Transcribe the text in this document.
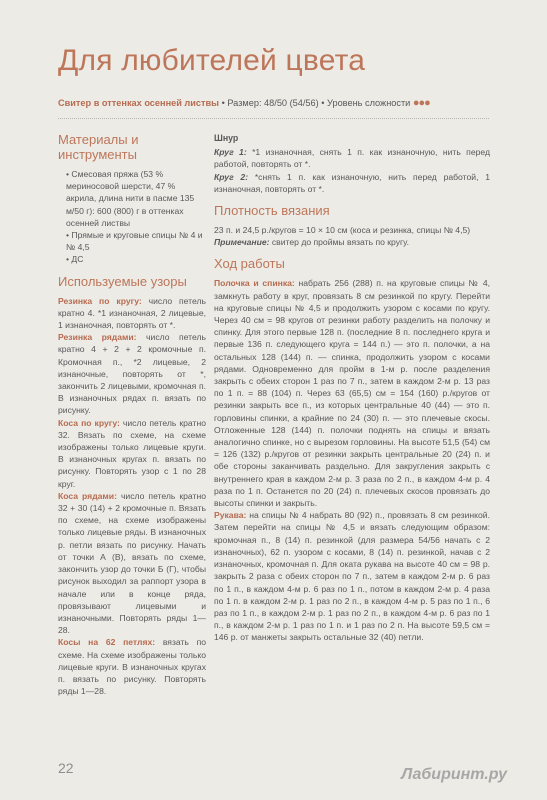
Для любителей цвета
Свитер в оттенках осенней листвы • Размер: 48/50 (54/56) • Уровень сложности ●●●
Материалы и инструменты
• Смесовая пряжа (53 % мериносовой шерсти, 47 % акрила, длина нити в пасме 135 м/50 г): 600 (800) г в оттенках осенней листвы
• Прямые и круговые спицы № 4 и № 4,5
• ДС
Используемые узоры
Резинка по кругу: число петель кратно 4. *1 изнаночная, 2 лицевые, 1 изнаночная, повторять от *.
Резинка рядами: число петель кратно 4 + 2 + 2 кромочные п. Кромочная п., *2 лицевые, 2 изнаночные, повторять от *, закончить 2 лицевыми, кромочная п. В изнаночных рядах п. вязать по рисунку.
Коса по кругу: число петель кратно 32. Вязать по схеме, на схеме изображены только лицевые круги. В изнаночных кругах п. вязать по рисунку. Повторять узор с 1 по 28 круг.
Коса рядами: число петель кратно 32 + 30 (14) + 2 кромочные п. Вязать по схеме, на схеме изображены только лицевые ряды. В изнаночных р. петли вязать по рисунку. Начать от точки А (В), вязать по схеме, закончить узор до точки Б (Г), чтобы рисунок выходил за раппорт узора в начале или в конце ряда, провязывают лицевыми и изнаночными. Повторять ряды 1—28.
Косы на 62 петлях: вязать по схеме. На схеме изображены только лицевые круги. В изнаночных кругах п. вязать по рисунку. Повторять ряды 1—28.
Шнур
Круг 1: *1 изнаночная, снять 1 п. как изнаночную, нить перед работой, повторять от *.
Круг 2: *снять 1 п. как изнаночную, нить перед работой, 1 изнаночная, повторять от *.
Плотность вязания
23 п. и 24,5 р./кругов = 10 × 10 см (коса и резинка, спицы № 4,5)
Примечание: свитер до проймы вязать по кругу.
Ход работы
Полочка и спинка: набрать 256 (288) п. на круговые спицы № 4, замкнуть работу в круг, провязать 8 см резинкой по кругу. Перейти на круговые спицы № 4,5 и продолжить узором с косами по кругу. Через 40 см = 98 кругов от резинки работу разделить на полочку и спинку. Для этого первые 128 п. (последние 8 п. последнего круга и первые 136 п. следующего круга = 144 п.) — это п. полочки, а на остальных 128 (144) п. — спинка, продолжить узором с косами рядами. Одновременно для пройм в 1-м р. после разделения закрыть с обеих сторон 1 раз по 7 п., затем в каждом 2-м р. 13 раз по 1 п. = 88 (104) п. Через 63 (65,5) см = 154 (160) р./кругов от резинки закрыть все п., из которых центральные 40 (44) — это п. горловины спинки, а крайние по 24 (30) п. — это плечевые скосы. Отложенные 128 (144) п. полочки поднять на спицы и вязать аналогично спинке, но с вырезом горловины. На высоте 51,5 (54) см = 126 (132) р./кругов от резинки закрыть центральные 20 (24) п. и обе стороны заканчивать раздельно. Для закругления закрыть с внутреннего края в каждом 2-м р. 3 раза по 2 п., в каждом 4-м р. 4 раза по 1 п. Останется по 20 (24) п. плечевых скосов провязать до высоты спинки и закрыть.
Рукава: на спицы № 4 набрать 80 (92) п., провязать 8 см резинкой. Затем перейти на спицы № 4,5 и вязать следующим образом: кромочная п., 8 (14) п. резинкой (для размера 54/56 начать с 2 изнаночных), 62 п. узором с косами, 8 (14) п. резинкой, начав с 2 изнаночных, кромочная п. Для оката рукава на высоте 40 см = 98 р. закрыть 2 раза с обеих сторон по 7 п., затем в каждом 2-м р. 6 раз по 1 п., в каждом 4-м р. 6 раз по 1 п., потом в каждом 2-м р. 4 раза по 1 п. в каждом 2-м р. 1 раз по 2 п., в каждом 4-м р. 5 раз по 1 п., 6 раз по 1 п., в каждом 2-м р. 1 раз по 2 п., в каждом 4-м р. 6 раз по 1 п., в каждом 2-м р. 1 раз по 1 п. и 1 раз по 2 п. На высоте 59,5 см = 146 р. от манжеты закрыть остальные 32 (40) петли.
22	Лабиринт.ру
